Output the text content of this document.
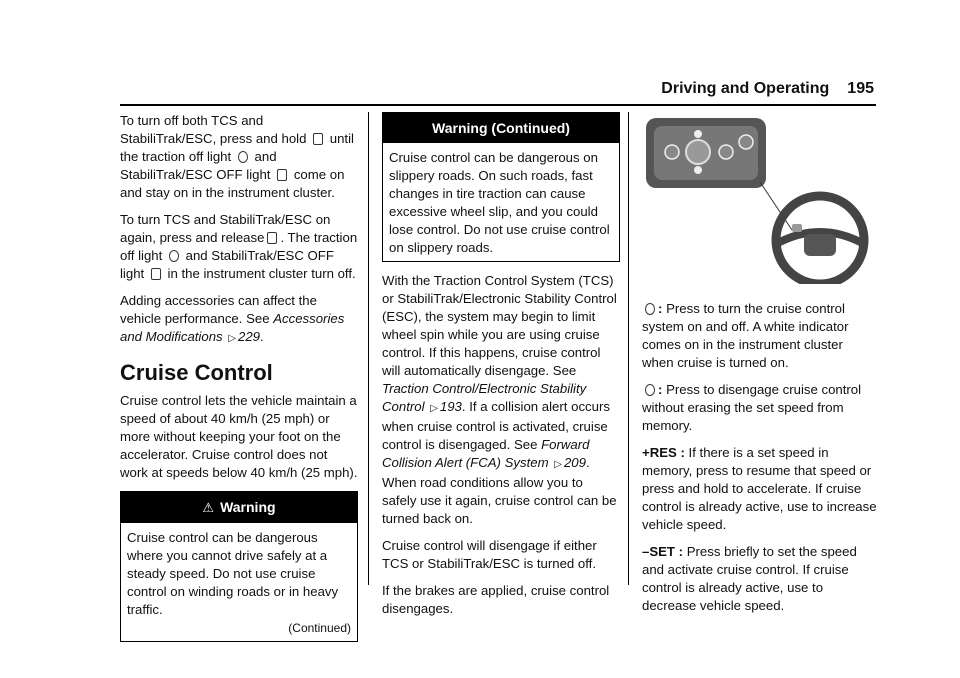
Driving and Operating 195

To turn off both TCS and StabiliTrak/ESC, press and hold until the traction off light and StabiliTrak/ESC OFF light come on and stay on in the instrument cluster.

To turn TCS and StabiliTrak/ESC on again, press and release . The traction off light and StabiliTrak/ESC OFF light in the instrument cluster turn off.

Adding accessories can affect the vehicle performance. See Accessories and Modifications ▷ 229.

Cruise Control

Cruise control lets the vehicle maintain a speed of about 40 km/h (25 mph) or more without keeping your foot on the accelerator. Cruise control does not work at speeds below 40 km/h (25 mph).

⚠ Warning

Cruise control can be dangerous where you cannot drive safely at a steady speed. Do not use cruise control on winding roads or in heavy traffic.

(Continued)
Warning (Continued)

Cruise control can be dangerous on slippery roads. On such roads, fast changes in tire traction can cause excessive wheel slip, and you could lose control. Do not use cruise control on slippery roads.

With the Traction Control System (TCS) or StabiliTrak/Electronic Stability Control (ESC), the system may begin to limit wheel spin while you are using cruise control. If this happens, cruise control will automatically disengage. See Traction Control/Electronic Stability Control ▷ 193. If a collision alert occurs when cruise control is activated, cruise control is disengaged. See Forward Collision Alert (FCA) System ▷ 209. When road conditions allow you to safely use it again, cruise control can be turned back on.

Cruise control will disengage if either TCS or StabiliTrak/ESC is turned off.

If the brakes are applied, cruise control disengages.

: Press to turn the cruise control system on and off. A white indicator comes on in the instrument cluster when cruise is turned on.

: Press to disengage cruise control without erasing the set speed from memory.

+RES : If there is a set speed in memory, press to resume that speed or press and hold to accelerate. If cruise control is already active, use to increase vehicle speed.

–SET : Press briefly to set the speed and activate cruise control. If cruise control is already active, use to decrease vehicle speed.
